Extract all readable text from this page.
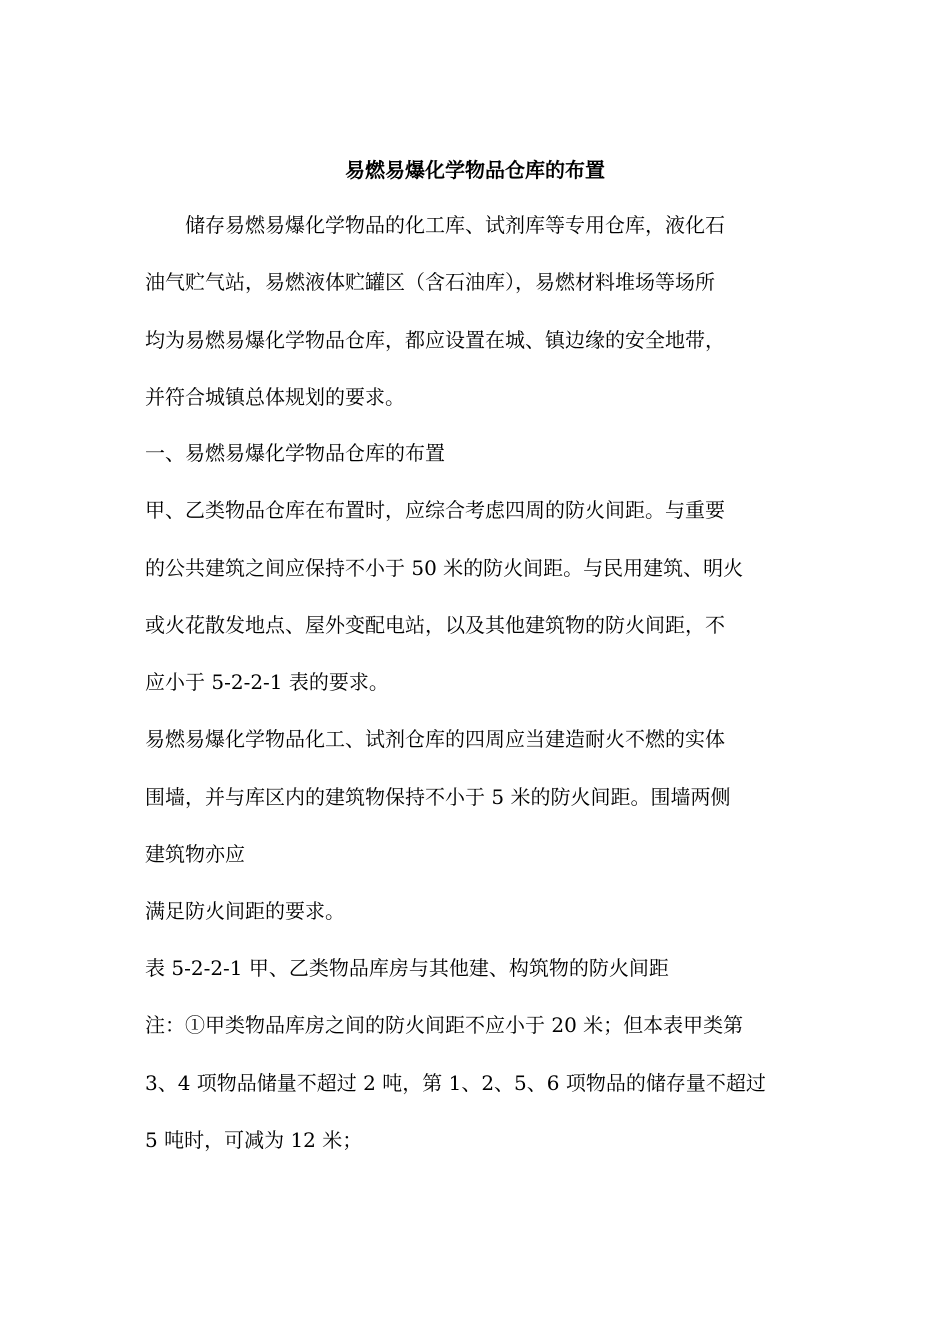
易燃易爆化学物品仓库的布置
　　储存易燃易爆化学物品的化工库、试剂库等专用仓库，液化石
油气贮气站，易燃液体贮罐区（含石油库），易燃材料堆场等场所
均为易燃易爆化学物品仓库，都应设置在城、镇边缘的安全地带，
并符合城镇总体规划的要求。
一、易燃易爆化学物品仓库的布置
甲、乙类物品仓库在布置时，应综合考虑四周的防火间距。与重要
的公共建筑之间应保持不小于 50 米的防火间距。与民用建筑、明火
或火花散发地点、屋外变配电站，以及其他建筑物的防火间距，不
应小于 5-2-2-1 表的要求。
易燃易爆化学物品化工、试剂仓库的四周应当建造耐火不燃的实体
围墙，并与库区内的建筑物保持不小于 5 米的防火间距。围墙两侧
建筑物亦应
满足防火间距的要求。
表 5-2-2-1 甲、乙类物品库房与其他建、构筑物的防火间距
注：①甲类物品库房之间的防火间距不应小于 20 米；但本表甲类第
3、4 项物品储量不超过 2 吨，第 1、2、5、6 项物品的储存量不超过
5 吨时，可减为 12 米；
